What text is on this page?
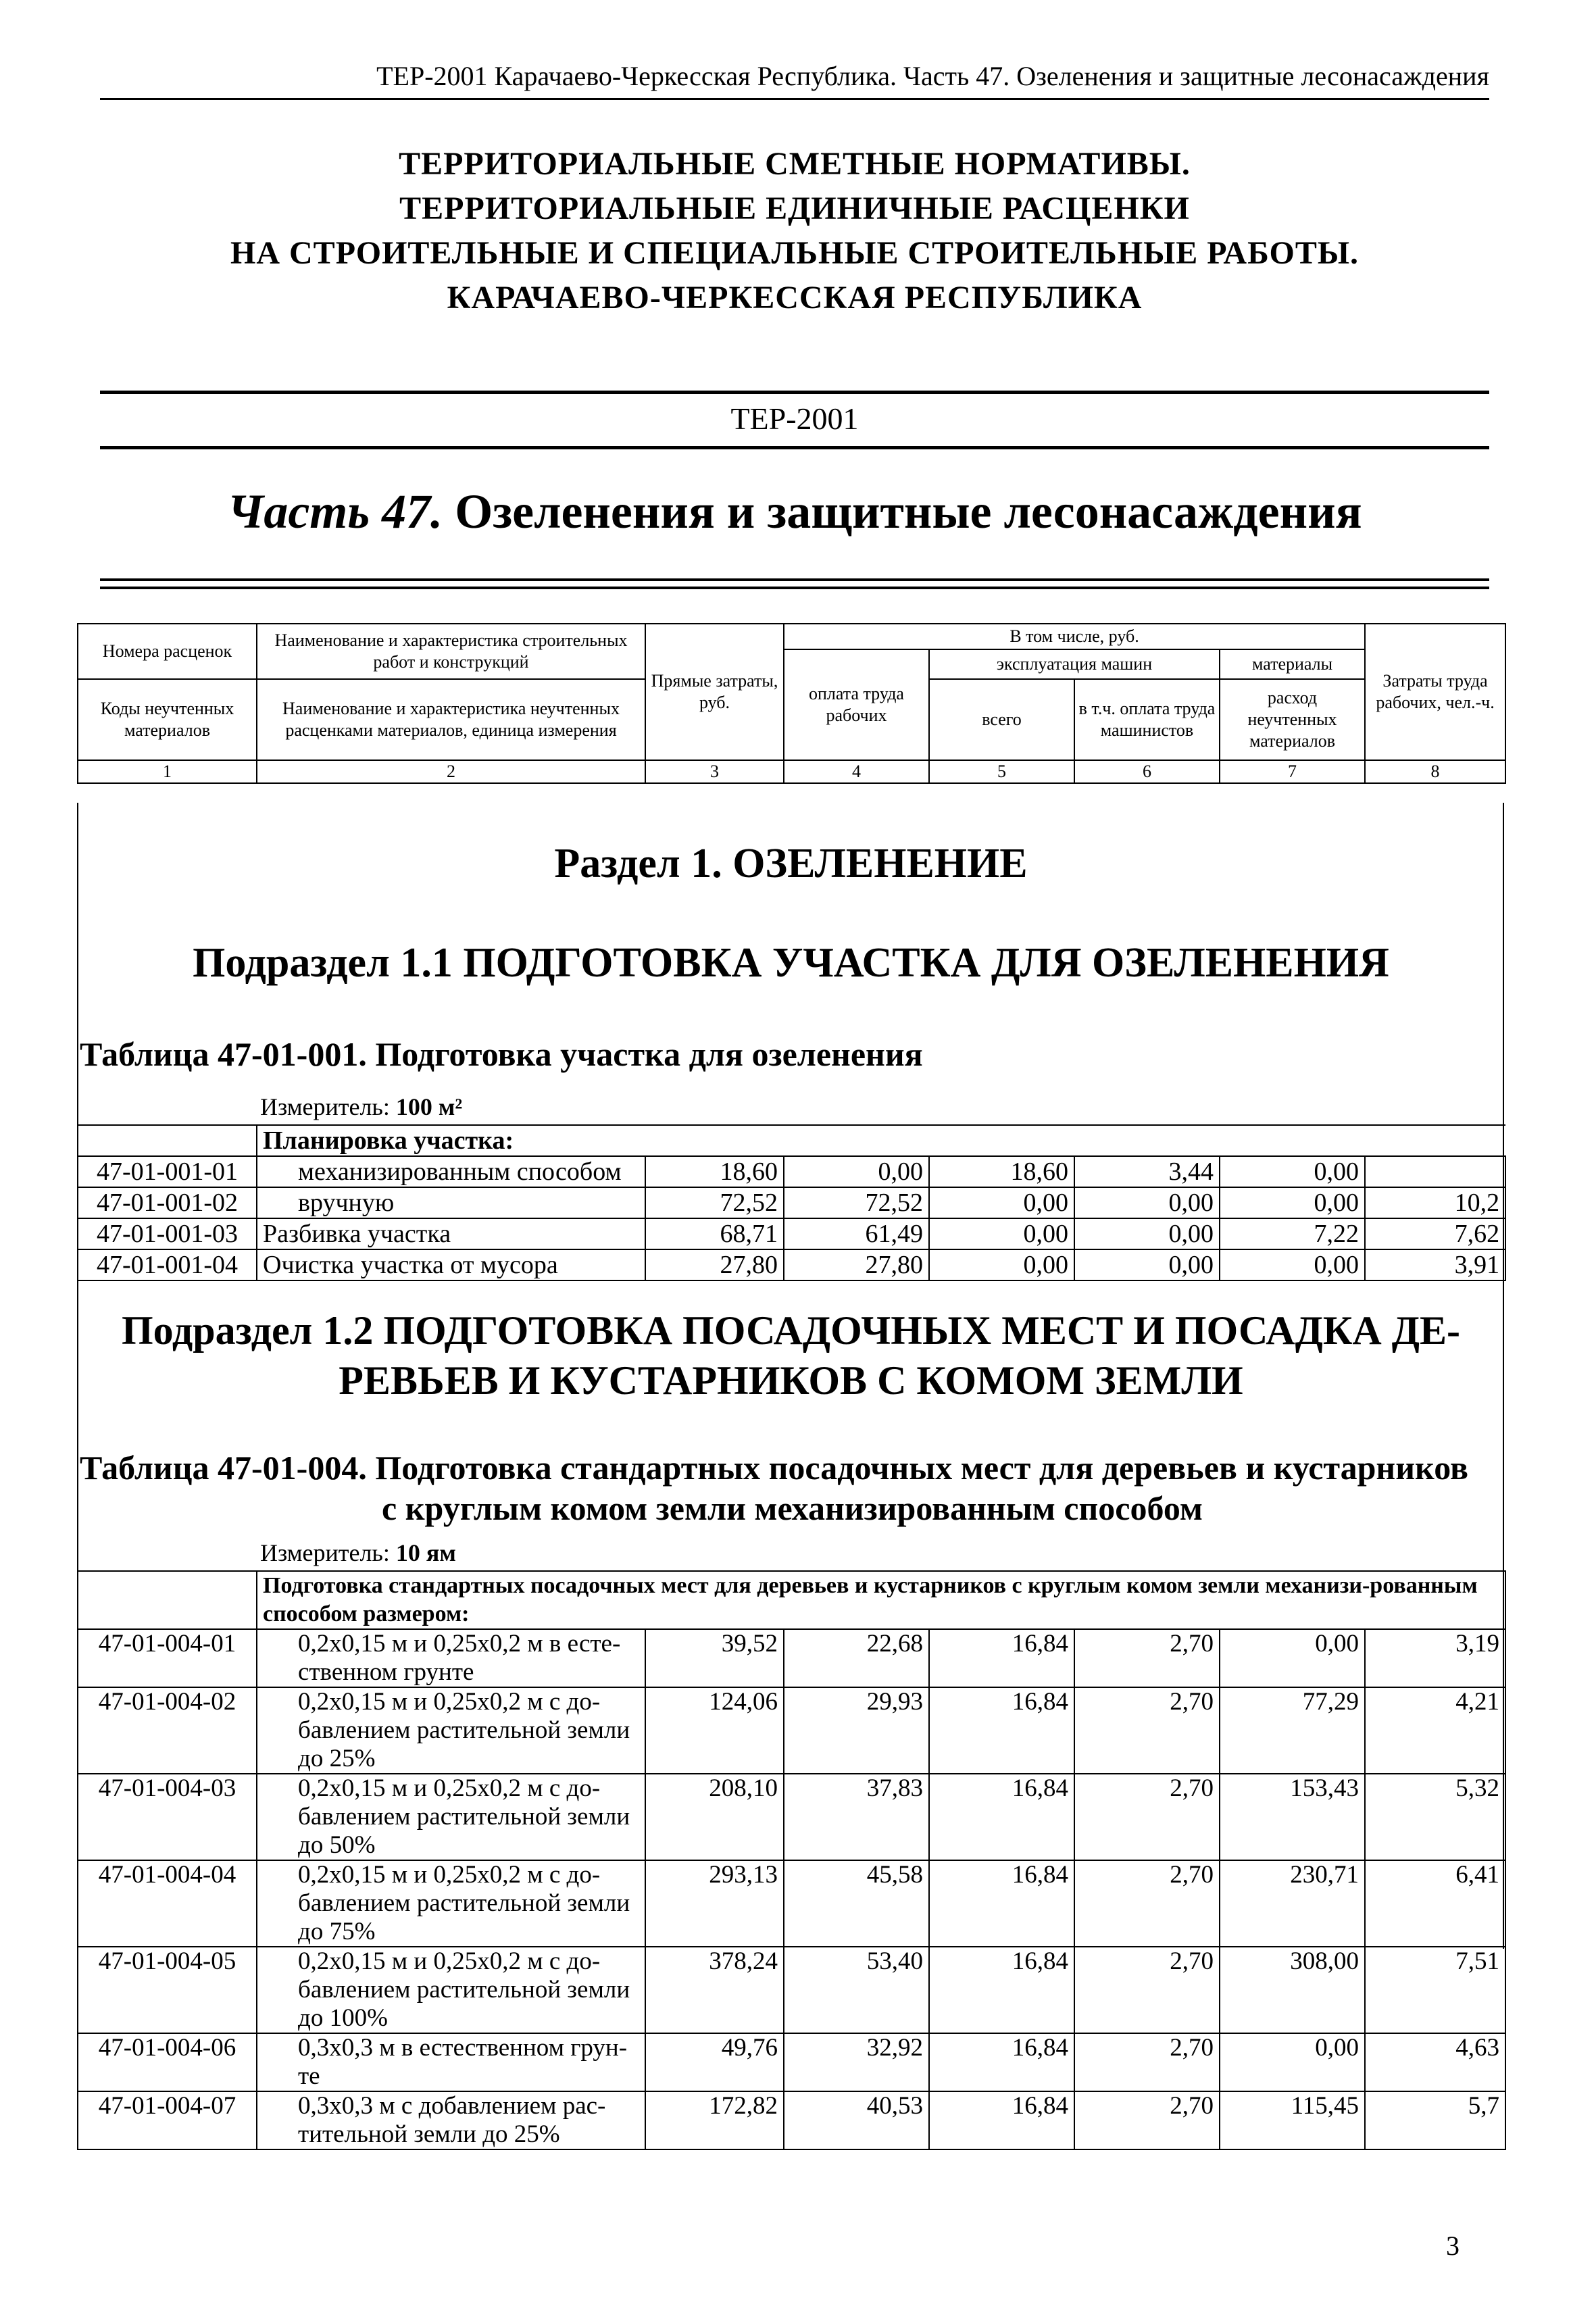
ТЕР-2001 Карачаево-Черкесская Республика. Часть 47. Озеленения и защитные лесонасаждения
ТЕРРИТОРИАЛЬНЫЕ СМЕТНЫЕ НОРМАТИВЫ.
ТЕРРИТОРИАЛЬНЫЕ ЕДИНИЧНЫЕ РАСЦЕНКИ
НА СТРОИТЕЛЬНЫЕ И СПЕЦИАЛЬНЫЕ СТРОИТЕЛЬНЫЕ РАБОТЫ.
КАРАЧАЕВО-ЧЕРКЕССКАЯ РЕСПУБЛИКА
ТЕР-2001
Часть 47. Озеленения и защитные лесонасаждения
Номера расценок	Наименование и характеристика строительных работ и конструкций	Прямые затраты, руб.	В том числе, руб.				Затраты труда рабочих, чел.-ч.
			оплата труда рабочих	эксплуатация машин		материалы	
Коды неучтенных материалов	Наименование и характеристика неучтенных расценками материалов, единица измерения			всего	в т.ч. оплата труда машинистов	расход неучтенных материалов	

1	2	3	4	5	6	7	8
Раздел 1. ОЗЕЛЕНЕНИЕ
Подраздел 1.1 ПОДГОТОВКА УЧАСТКА ДЛЯ ОЗЕЛЕНЕНИЯ
Таблица 47-01-001. Подготовка участка для озеленения
Измеритель: 100 м²
	Планировка участка:						
47-01-001-01	механизированным способом	18,60	0,00	18,60	3,44	0,00	
47-01-001-02	вручную	72,52	72,52	0,00	0,00	0,00	10,2
47-01-001-03	Разбивка участка	68,71	61,49	0,00	0,00	7,22	7,62
47-01-001-04	Очистка участка от мусора	27,80	27,80	0,00	0,00	0,00	3,91
Подраздел 1.2 ПОДГОТОВКА ПОСАДОЧНЫХ МЕСТ И ПОСАДКА ДЕ-
РЕВЬЕВ И КУСТАРНИКОВ С КОМОМ ЗЕМЛИ
Таблица 47-01-004. Подготовка стандартных посадочных мест для деревьев и кустарников
с круглым комом земли механизированным способом
Измеритель: 10 ям
	Подготовка стандартных посадочных мест для деревьев и кустарников с круглым комом земли механизи-рованным способом размером:						
47-01-004-01	0,2x0,15 м и 0,25x0,2 м в есте-ственном грунте	39,52	22,68	16,84	2,70	0,00	3,19
47-01-004-02	0,2x0,15 м и 0,25x0,2 м с до-бавлением растительной земли до 25%	124,06	29,93	16,84	2,70	77,29	4,21
47-01-004-03	0,2x0,15 м и 0,25x0,2 м с до-бавлением растительной земли до 50%	208,10	37,83	16,84	2,70	153,43	5,32
47-01-004-04	0,2x0,15 м и 0,25x0,2 м с до-бавлением растительной земли до 75%	293,13	45,58	16,84	2,70	230,71	6,41
47-01-004-05	0,2x0,15 м и 0,25x0,2 м с до-бавлением растительной земли до 100%	378,24	53,40	16,84	2,70	308,00	7,51
47-01-004-06	0,3x0,3 м в естественном грун-те	49,76	32,92	16,84	2,70	0,00	4,63
47-01-004-07	0,3x0,3 м с добавлением рас-тительной земли до 25%	172,82	40,53	16,84	2,70	115,45	5,7
3
